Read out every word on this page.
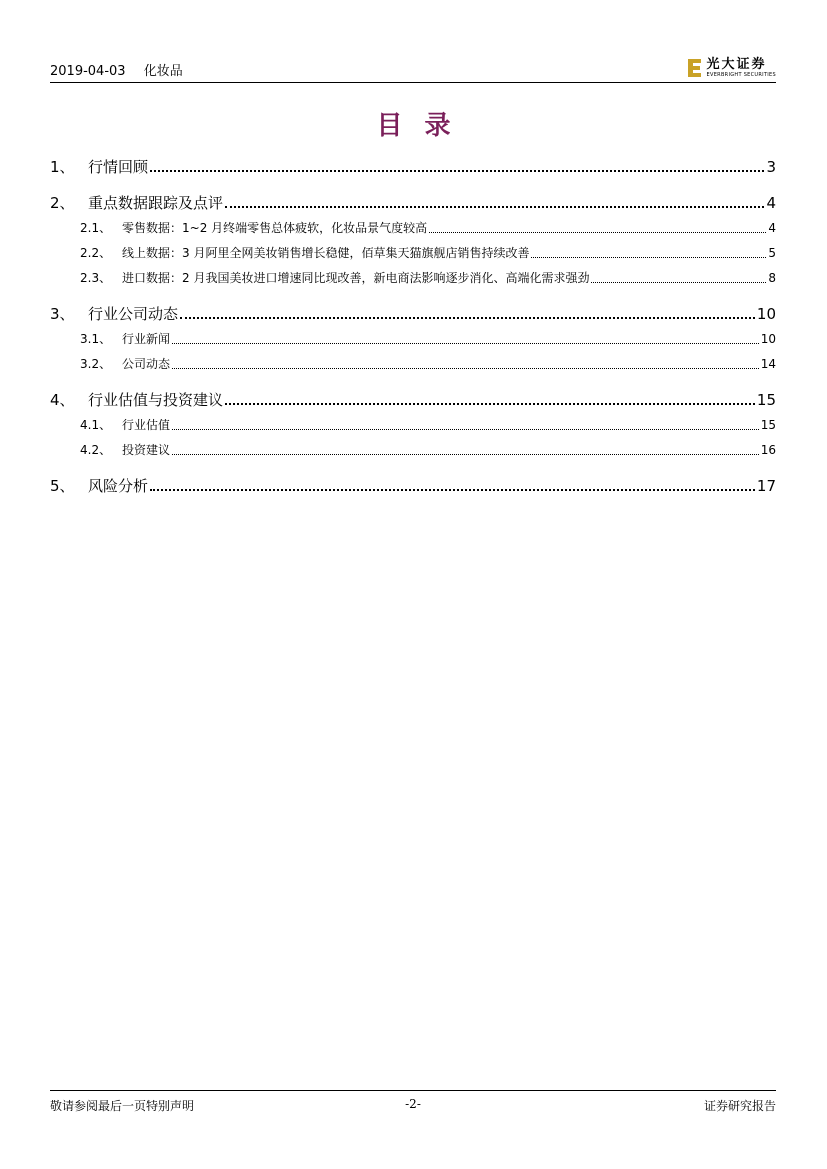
2019-04-03 化妆品	光大证券
EVERBRIGHT SECURITIES
目录
1、 行情回顾	3
2、 重点数据跟踪及点评	4
2.1、 零售数据：1~2 月终端零售总体疲软，化妆品景气度较高	4
2.2、 线上数据：3 月阿里全网美妆销售增长稳健，佰草集天猫旗舰店销售持续改善	5
2.3、 进口数据：2 月我国美妆进口增速同比现改善，新电商法影响逐步消化、高端化需求强劲	8
3、 行业公司动态	10
3.1、 行业新闻	10
3.2、 公司动态	14
4、 行业估值与投资建议	15
4.1、 行业估值	15
4.2、 投资建议	16
5、 风险分析	17
敬请参阅最后一页特别声明	-2-	证券研究报告
